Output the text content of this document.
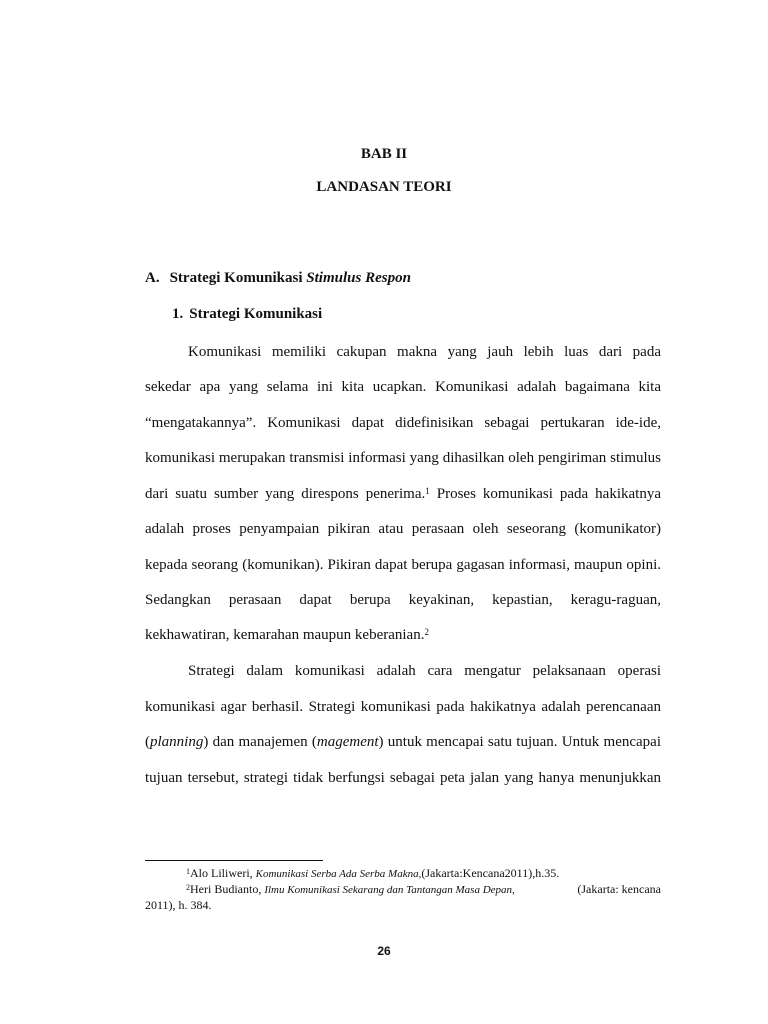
BAB II
LANDASAN TEORI
A. Strategi Komunikasi Stimulus Respon
1. Strategi Komunikasi
Komunikasi memiliki cakupan makna yang jauh lebih luas dari pada
sekedar apa yang selama ini kita ucapkan. Komunikasi adalah bagaimana kita
“mengatakannya”. Komunikasi dapat didefinisikan sebagai pertukaran ide-ide,
komunikasi merupakan transmisi informasi yang dihasilkan oleh pengiriman stimulus
dari suatu sumber yang direspons penerima.$^1$ Proses komunikasi pada hakikatnya
adalah proses penyampaian pikiran atau perasaan oleh seseorang (komunikator)
kepada seorang (komunikan). Pikiran dapat berupa gagasan informasi, maupun opini.
Sedangkan perasaan dapat berupa keyakinan, kepastian, keragu-raguan,
kekhawatiran, kemarahan maupun keberanian.$^2$
Strategi dalam komunikasi adalah cara mengatur pelaksanaan operasi
komunikasi agar berhasil. Strategi komunikasi pada hakikatnya adalah perencanaan
(planning) dan manajemen (magement) untuk mencapai satu tujuan. Untuk mencapai
tujuan tersebut, strategi tidak berfungsi sebagai peta jalan yang hanya menunjukkan
$^1$Alo Liliweri, Komunikasi Serba Ada Serba Makna,(Jakarta:Kencana2011),h.35.
$^2$Heri Budianto, Ilmu Komunikasi Sekarang dan Tantangan Masa Depan,	(Jakarta: kencana
2011), h. 384.
26
